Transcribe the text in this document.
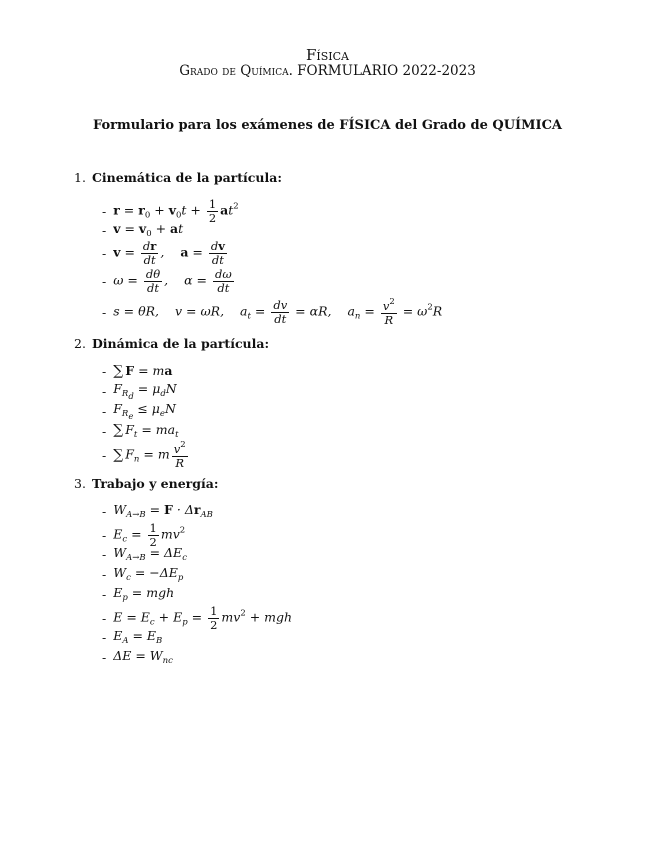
Física
Grado de Química. FORMULARIO 2022-2023
Formulario para los exámenes de FÍSICA del Grado de QUÍMICA
1. Cinemática de la partícula:
- $r = r_0 + v_0t + \frac{1}{2} at^2$
- $v = v_0$ + at
- $v = \frac{dr}{dt}$ , $a = \frac{dv}{dt}$
- $\omega = \frac{d\theta}{dt}$ , $\alpha = \frac{d\omega}{dt}$
- s = θR, v = ωR, $a_t = \frac{dv}{dt} = \alpha R$, $a_n = \frac{v^2}{R} = \omega^2R$
2. Dinámica de la partícula:
- ∑ F = ma
- $F_{R_d} = \mu_dN$
- $F_{R_e} \le \mu_eN$
- ∑ $F_t = ma_t$
- ∑ $F_n = m \frac{v^2}{R}$
3. Trabajo y energía:
- $W_{A\to B} = F \cdot \Delta r_{AB}$
- $E_c = \frac{1}{2} mv^2$
- $W_{A\to B} = \Delta E_c$
- $W_c = -\Delta E_p$
- $E_p$ = mgh
- $E = E_c + E_p = \frac{1}{2} mv^2$ + mgh
- $E_A = E_B$
- $\Delta E = W_{nc}$
